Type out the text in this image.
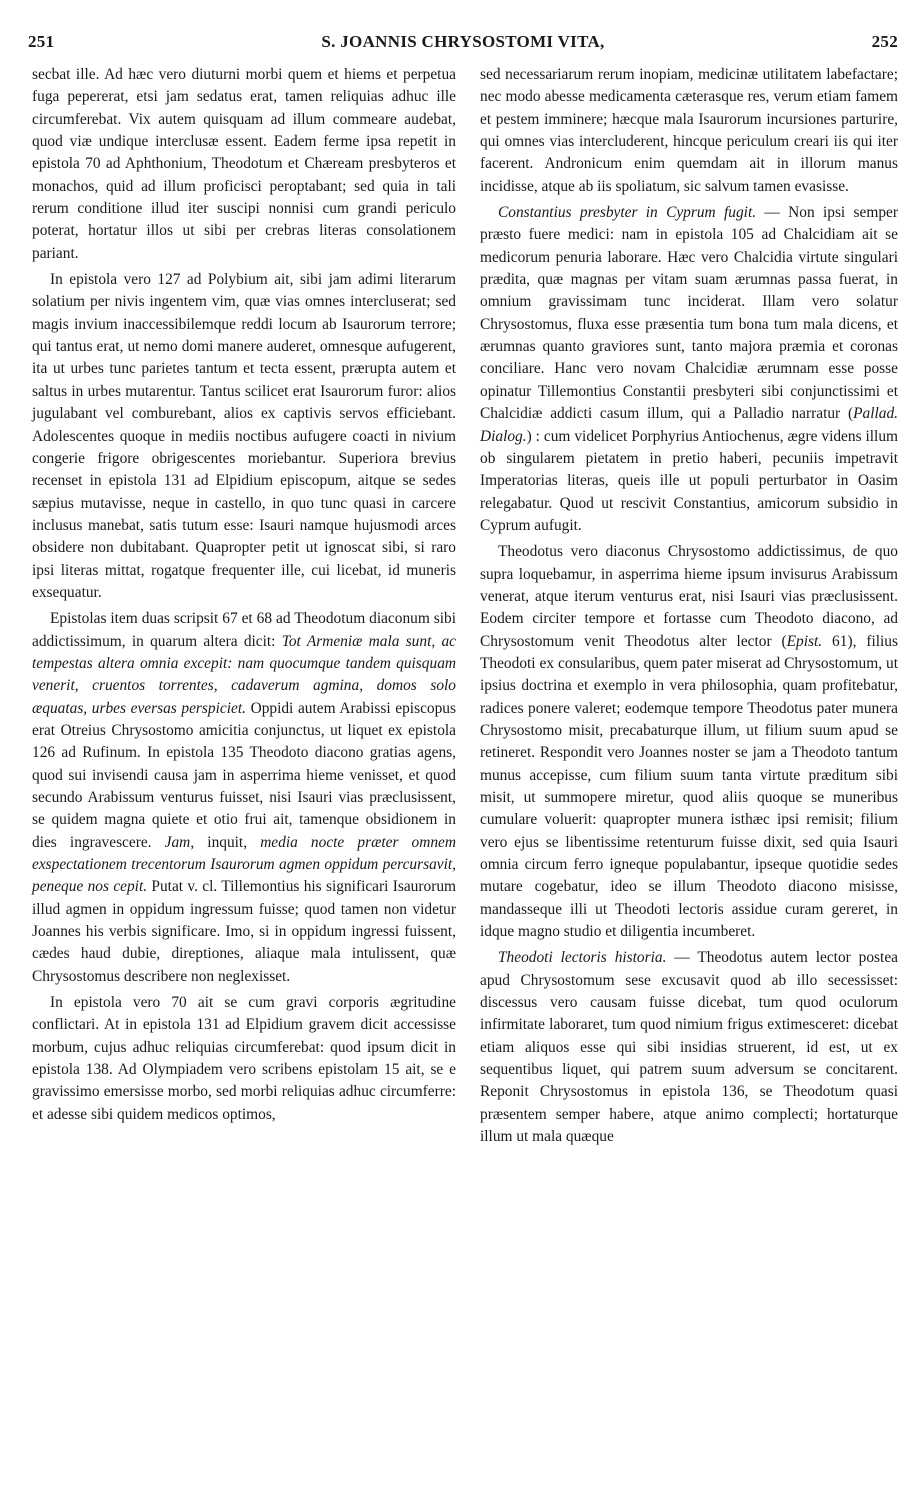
251	S. JOANNIS CHRYSOSTOMI VITA,	252

secbat ille. Ad hæc vero diuturni morbi quem et hiems et perpetua fuga pepererat, etsi jam sedatus erat, tamen reliquias adhuc ille circumferebat. Vix autem quisquam ad illum commeare audebat, quod viæ undique interclusæ essent. Eadem ferme ipsa repetit in epistola 70 ad Aphthonium, Theodotum et Chæream presbyteros et monachos, quid ad illum proficisci peroptabant; sed quia in tali rerum conditione illud iter suscipi nonnisi cum grandi periculo poterat, hortatur illos ut sibi per crebras literas consolationem pariant.

In epistola vero 127 ad Polybium ait, sibi jam adimi literarum solatium per nivis ingentem vim, quæ vias omnes intercluserat; sed magis invium inaccessibilemque reddi locum ab Isaurorum terrore; qui tantus erat, ut nemo domi manere auderet, omnesque aufugerent, ita ut urbes tunc parietes tantum et tecta essent, prærupta autem et saltus in urbes mutarentur. Tantus scilicet erat Isaurorum furor: alios jugulabant vel comburebant, alios ex captivis servos efficiebant. Adolescentes quoque in mediis noctibus aufugere coacti in nivium congerie frigore obrigescentes moriebantur. Superiora brevius recenset in epistola 131 ad Elpidium episcopum, aitque se sedes sæpius mutavisse, neque in castello, in quo tunc quasi in carcere inclusus manebat, satis tutum esse: Isauri namque hujusmodi arces obsidere non dubitabant. Quapropter petit ut ignoscat sibi, si raro ipsi literas mittat, rogatque frequenter ille, cui licebat, id muneris exsequatur.

Epistolas item duas scripsit 67 et 68 ad Theodotum diaconum sibi addictissimum, in quarum altera dicit: Tot Armeniæ mala sunt, ac tempestas altera omnia excepit: nam quocumque tandem quisquam venerit, cruentos torrentes, cadaverum agmina, domos solo æquatas, urbes eversas perspiciet. Oppidi autem Arabissi episcopus erat Otreius Chrysostomo amicitia conjunctus, ut liquet ex epistola 126 ad Rufinum. In epistola 135 Theodoto diacono gratias agens, quod sui invisendi causa jam in asperrima hieme venisset, et quod secundo Arabissum venturus fuisset, nisi Isauri vias præclusissent, se quidem magna quiete et otio frui ait, tamenque obsidionem in dies ingravescere. Jam, inquit, media nocte præter omnem exspectationem trecentorum Isaurorum agmen oppidum percursavit, peneque nos cepit. Putat v. cl. Tillemontius his significari Isaurorum illud agmen in oppidum ingressum fuisse; quod tamen non videtur Joannes his verbis significare. Imo, si in oppidum ingressi fuissent, cædes haud dubie, direptiones, aliaque mala intulissent, quæ Chrysostomus describere non neglexisset.

In epistola vero 70 ait se cum gravi corporis ægritudine conflictari. At in epistola 131 ad Elpidium gravem dicit accessisse morbum, cujus adhuc reliquias circumferebat: quod ipsum dicit in epistola 138. Ad Olympiadem vero scribens epistolam 15 ait, se e gravissimo emersisse morbo, sed morbi reliquias adhuc circumferre: et adesse sibi quidem medicos optimos,

sed necessariarum rerum inopiam, medicinæ utilitatem labefactare; nec modo abesse medicamenta cæterasque res, verum etiam famem et pestem imminere; hæcque mala Isaurorum incursiones parturire, qui omnes vias intercluderent, hincque periculum creari iis qui iter facerent. Andronicum enim quemdam ait in illorum manus incidisse, atque ab iis spoliatum, sic salvum tamen evasisse.

Constantius presbyter in Cyprum fugit. — Non ipsi semper præsto fuere medici: nam in epistola 105 ad Chalcidiam ait se medicorum penuria laborare. Hæc vero Chalcidia virtute singulari prædita, quæ magnas per vitam suam ærumnas passa fuerat, in omnium gravissimam tunc inciderat. Illam vero solatur Chrysostomus, fluxa esse præsentia tum bona tum mala dicens, et ærumnas quanto graviores sunt, tanto majora præmia et coronas conciliare. Hanc vero novam Chalcidiæ ærumnam esse posse opinatur Tillemontius Constantii presbyteri sibi conjunctissimi et Chalcidiæ addicti casum illum, qui a Palladio narratur (Pallad. Dialog.) : cum videlicet Porphyrius Antiochenus, ægre videns illum ob singularem pietatem in pretio haberi, pecuniis impetravit Imperatorias literas, queis ille ut populi perturbator in Oasim relegabatur. Quod ut rescivit Constantius, amicorum subsidio in Cyprum aufugit.

Theodotus vero diaconus Chrysostomo addictissimus, de quo supra loquebamur, in asperrima hieme ipsum invisurus Arabissum venerat, atque iterum venturus erat, nisi Isauri vias præclusissent. Eodem circiter tempore et fortasse cum Theodoto diacono, ad Chrysostomum venit Theodotus alter lector (Epist. 61), filius Theodoti ex consularibus, quem pater miserat ad Chrysostomum, ut ipsius doctrina et exemplo in vera philosophia, quam profitebatur, radices ponere valeret; eodemque tempore Theodotus pater munera Chrysostomo misit, precabaturque illum, ut filium suum apud se retineret. Respondit vero Joannes noster se jam a Theodoto tantum munus accepisse, cum filium suum tanta virtute præditum sibi misit, ut summopere miretur, quod aliis quoque se muneribus cumulare voluerit: quapropter munera isthæc ipsi remisit; filium vero ejus se libentissime retenturum fuisse dixit, sed quia Isauri omnia circum ferro igneque populabantur, ipseque quotidie sedes mutare cogebatur, ideo se illum Theodoto diacono misisse, mandasseque illi ut Theodoti lectoris assidue curam gereret, in idque magno studio et diligentia incumberet.

Theodoti lectoris historia. — Theodotus autem lector postea apud Chrysostomum sese excusavit quod ab illo secessisset: discessus vero causam fuisse dicebat, tum quod oculorum infirmitate laboraret, tum quod nimium frigus extimesceret: dicebat etiam aliquos esse qui sibi insidias struerent, id est, ut ex sequentibus liquet, qui patrem suum adversum se concitarent. Reponit Chrysostomus in epistola 136, se Theodotum quasi præsentem semper habere, atque animo complecti; hortaturque illum ut mala quæque
